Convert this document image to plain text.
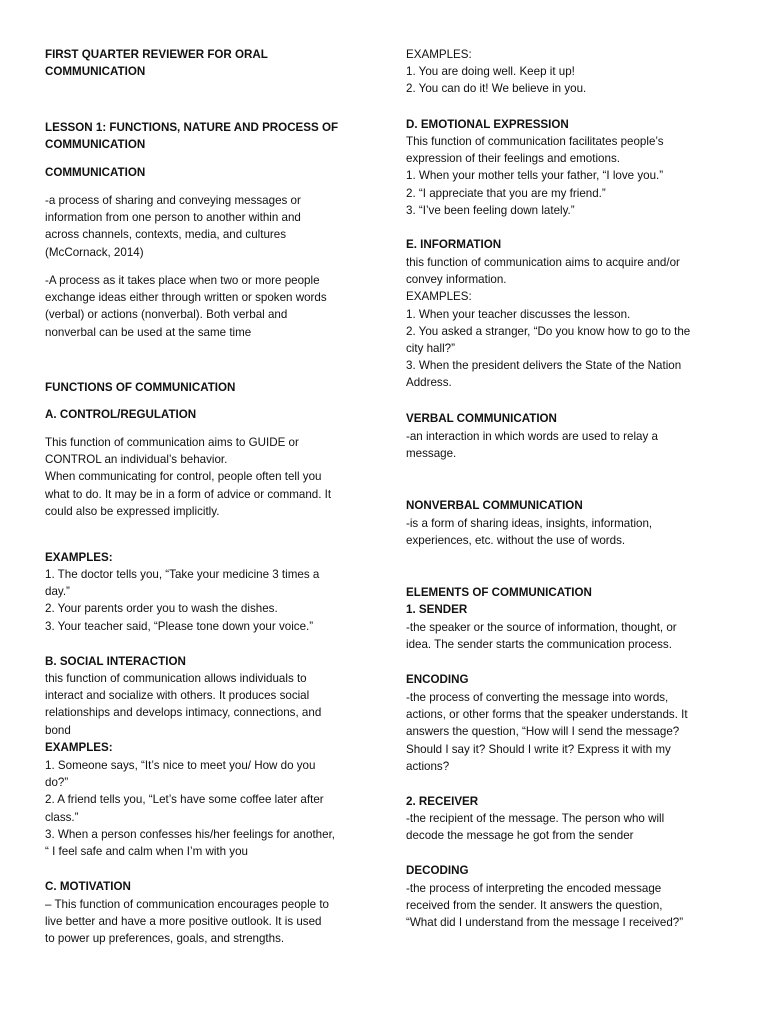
FIRST QUARTER REVIEWER FOR ORAL
COMMUNICATION
LESSON 1: FUNCTIONS, NATURE AND PROCESS OF
COMMUNICATION
COMMUNICATION
-a process of sharing and conveying messages or
information from one person to another within and
across channels, contexts, media, and cultures
(McCornack, 2014)
-A process as it takes place when two or more people
exchange ideas either through written or spoken words
(verbal) or actions (nonverbal). Both verbal and
nonverbal can be used at the same time
FUNCTIONS OF COMMUNICATION
A. CONTROL/REGULATION
This function of communication aims to GUIDE or
CONTROL an individual’s behavior.
When communicating for control, people often tell you
what to do. It may be in a form of advice or command. It
could also be expressed implicitly.
EXAMPLES:
1. The doctor tells you, “Take your medicine 3 times a
day.”
2. Your parents order you to wash the dishes.
3. Your teacher said, “Please tone down your voice.”
B. SOCIAL INTERACTION
this function of communication allows individuals to
interact and socialize with others. It produces social
relationships and develops intimacy, connections, and
bond
EXAMPLES:
1. Someone says, “It’s nice to meet you/ How do you
do?”
2. A friend tells you, “Let’s have some coffee later after
class.”
3. When a person confesses his/her feelings for another,
“ I feel safe and calm when I’m with you
C. MOTIVATION
– This function of communication encourages people to
live better and have a more positive outlook. It is used
to power up preferences, goals, and strengths.
EXAMPLES:
1. You are doing well. Keep it up!
2. You can do it! We believe in you.
D. EMOTIONAL EXPRESSION
This function of communication facilitates people’s
expression of their feelings and emotions.
1. When your mother tells your father, “I love you.”
2. “I appreciate that you are my friend.”
3. “I’ve been feeling down lately.”
E. INFORMATION
this function of communication aims to acquire and/or
convey information.
EXAMPLES:
1. When your teacher discusses the lesson.
2. You asked a stranger, “Do you know how to go to the
city hall?”
3. When the president delivers the State of the Nation
Address.
VERBAL COMMUNICATION
-an interaction in which words are used to relay a
message.
NONVERBAL COMMUNICATION
-is a form of sharing ideas, insights, information,
experiences, etc. without the use of words.
ELEMENTS OF COMMUNICATION
1. SENDER
-the speaker or the source of information, thought, or
idea. The sender starts the communication process.
ENCODING
-the process of converting the message into words,
actions, or other forms that the speaker understands. It
answers the question, “How will I send the message?
Should I say it? Should I write it? Express it with my
actions?
2. RECEIVER
-the recipient of the message. The person who will
decode the message he got from the sender
DECODING
-the process of interpreting the encoded message
received from the sender. It answers the question,
“What did I understand from the message I received?”
